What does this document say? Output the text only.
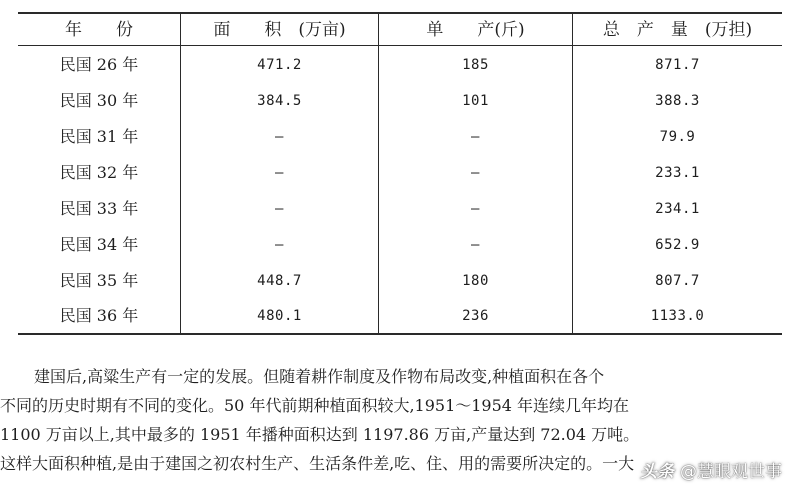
年　　份	面　　积　(万亩)	单　　产(斤)	总　产　量　(万担)
民国 26 年	471.2	185	871.7
民国 30 年	384.5	101	388.3
民国 31 年	—	—	79.9
民国 32 年	—	—	233.1
民国 33 年	—	—	234.1
民国 34 年	—	—	652.9
民国 35 年	448.7	180	807.7
民国 36 年	480.1	236	1133.0
建国后,高粱生产有一定的发展。但随着耕作制度及作物布局改变,种植面积在各个
不同的历史时期有不同的变化。50 年代前期种植面积较大,1951～1954 年连续几年均在
1100 万亩以上,其中最多的 1951 年播种面积达到 1197.86 万亩,产量达到 72.04 万吨。
这样大面积种植,是由于建国之初农村生产、生活条件差,吃、住、用的需要所决定的。一大 头条 @慧眼观世事
